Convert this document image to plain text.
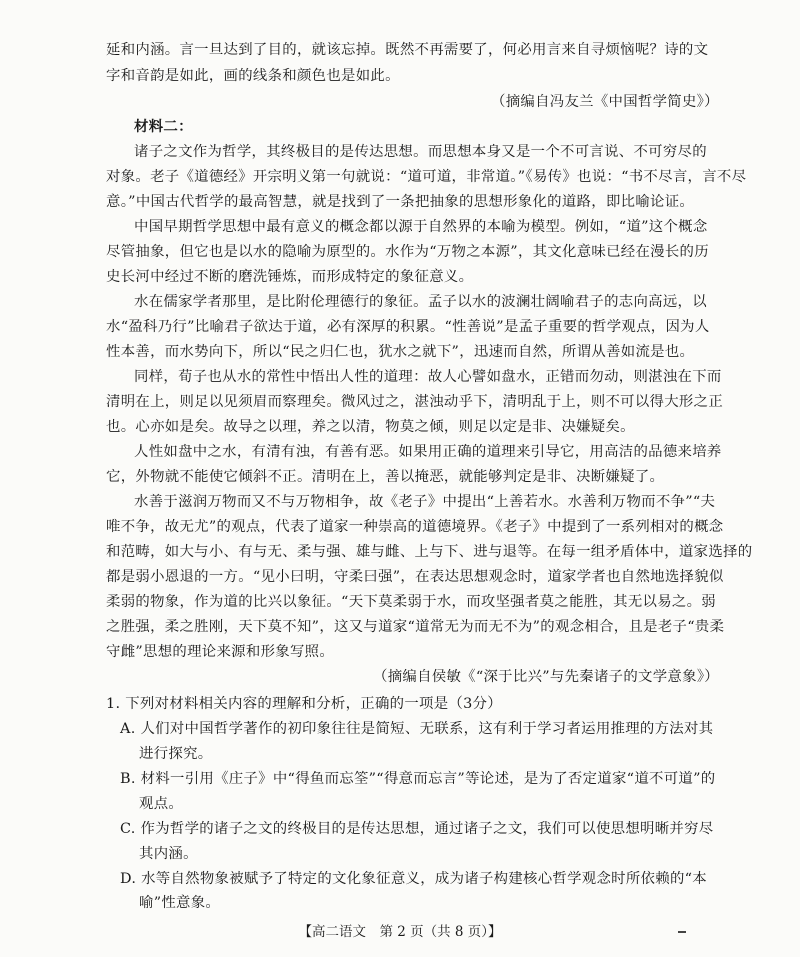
延和内涵。言一旦达到了目的，就该忘掉。既然不再需要了，何必用言来自寻烦恼呢？诗的文
字和音韵是如此，画的线条和颜色也是如此。
（摘编自冯友兰《中国哲学简史》）
材料二：
诸子之文作为哲学，其终极目的是传达思想。而思想本身又是一个不可言说、不可穷尽的
对象。老子《道德经》开宗明义第一句就说：“道可道，非常道。”《易传》也说：“书不尽言，言不尽
意。”中国古代哲学的最高智慧，就是找到了一条把抽象的思想形象化的道路，即比喻论证。
中国早期哲学思想中最有意义的概念都以源于自然界的本喻为模型。例如，“道”这个概念
尽管抽象，但它也是以水的隐喻为原型的。水作为“万物之本源”，其文化意味已经在漫长的历
史长河中经过不断的磨洗锤炼，而形成特定的象征意义。
水在儒家学者那里，是比附伦理德行的象征。孟子以水的波澜壮阔喻君子的志向高远，以
水“盈科乃行”比喻君子欲达于道，必有深厚的积累。“性善说”是孟子重要的哲学观点，因为人
性本善，而水势向下，所以“民之归仁也，犹水之就下”，迅速而自然，所谓从善如流是也。
同样，荀子也从水的常性中悟出人性的道理：故人心譬如盘水，正错而勿动，则湛浊在下而
清明在上，则足以见须眉而察理矣。微风过之，湛浊动乎下，清明乱于上，则不可以得大形之正
也。心亦如是矣。故导之以理，养之以清，物莫之倾，则足以定是非、决嫌疑矣。
人性如盘中之水，有清有浊，有善有恶。如果用正确的道理来引导它，用高洁的品德来培养
它，外物就不能使它倾斜不正。清明在上，善以掩恶，就能够判定是非、决断嫌疑了。
水善于滋润万物而又不与万物相争，故《老子》中提出“上善若水。水善利万物而不争”“夫
唯不争，故无尤”的观点，代表了道家一种崇高的道德境界。《老子》中提到了一系列相对的概念
和范畴，如大与小、有与无、柔与强、雄与雌、上与下、进与退等。在每一组矛盾体中，道家选择的
都是弱小恩退的一方。“见小曰明，守柔曰强”，在表达思想观念时，道家学者也自然地选择貌似
柔弱的物象，作为道的比兴以象征。“天下莫柔弱于水，而攻坚强者莫之能胜，其无以易之。弱
之胜强，柔之胜刚，天下莫不知”，这又与道家“道常无为而无不为”的观念相合，且是老子“贵柔
守雌”思想的理论来源和形象写照。
（摘编自侯敏《“深于比兴”与先秦诸子的文学意象》）
1. 下列对材料相关内容的理解和分析，正确的一项是（3分）
A. 人们对中国哲学著作的初印象往往是简短、无联系，这有利于学习者运用推理的方法对其
进行探究。
B. 材料一引用《庄子》中“得鱼而忘筌”“得意而忘言”等论述，是为了否定道家“道不可道”的
观点。
C. 作为哲学的诸子之文的终极目的是传达思想，通过诸子之文，我们可以使思想明晰并穷尽
其内涵。
D. 水等自然物象被赋予了特定的文化象征意义，成为诸子构建核心哲学观念时所依赖的“本
喻”性意象。
【高二语文　第 2 页（共 8 页）】
